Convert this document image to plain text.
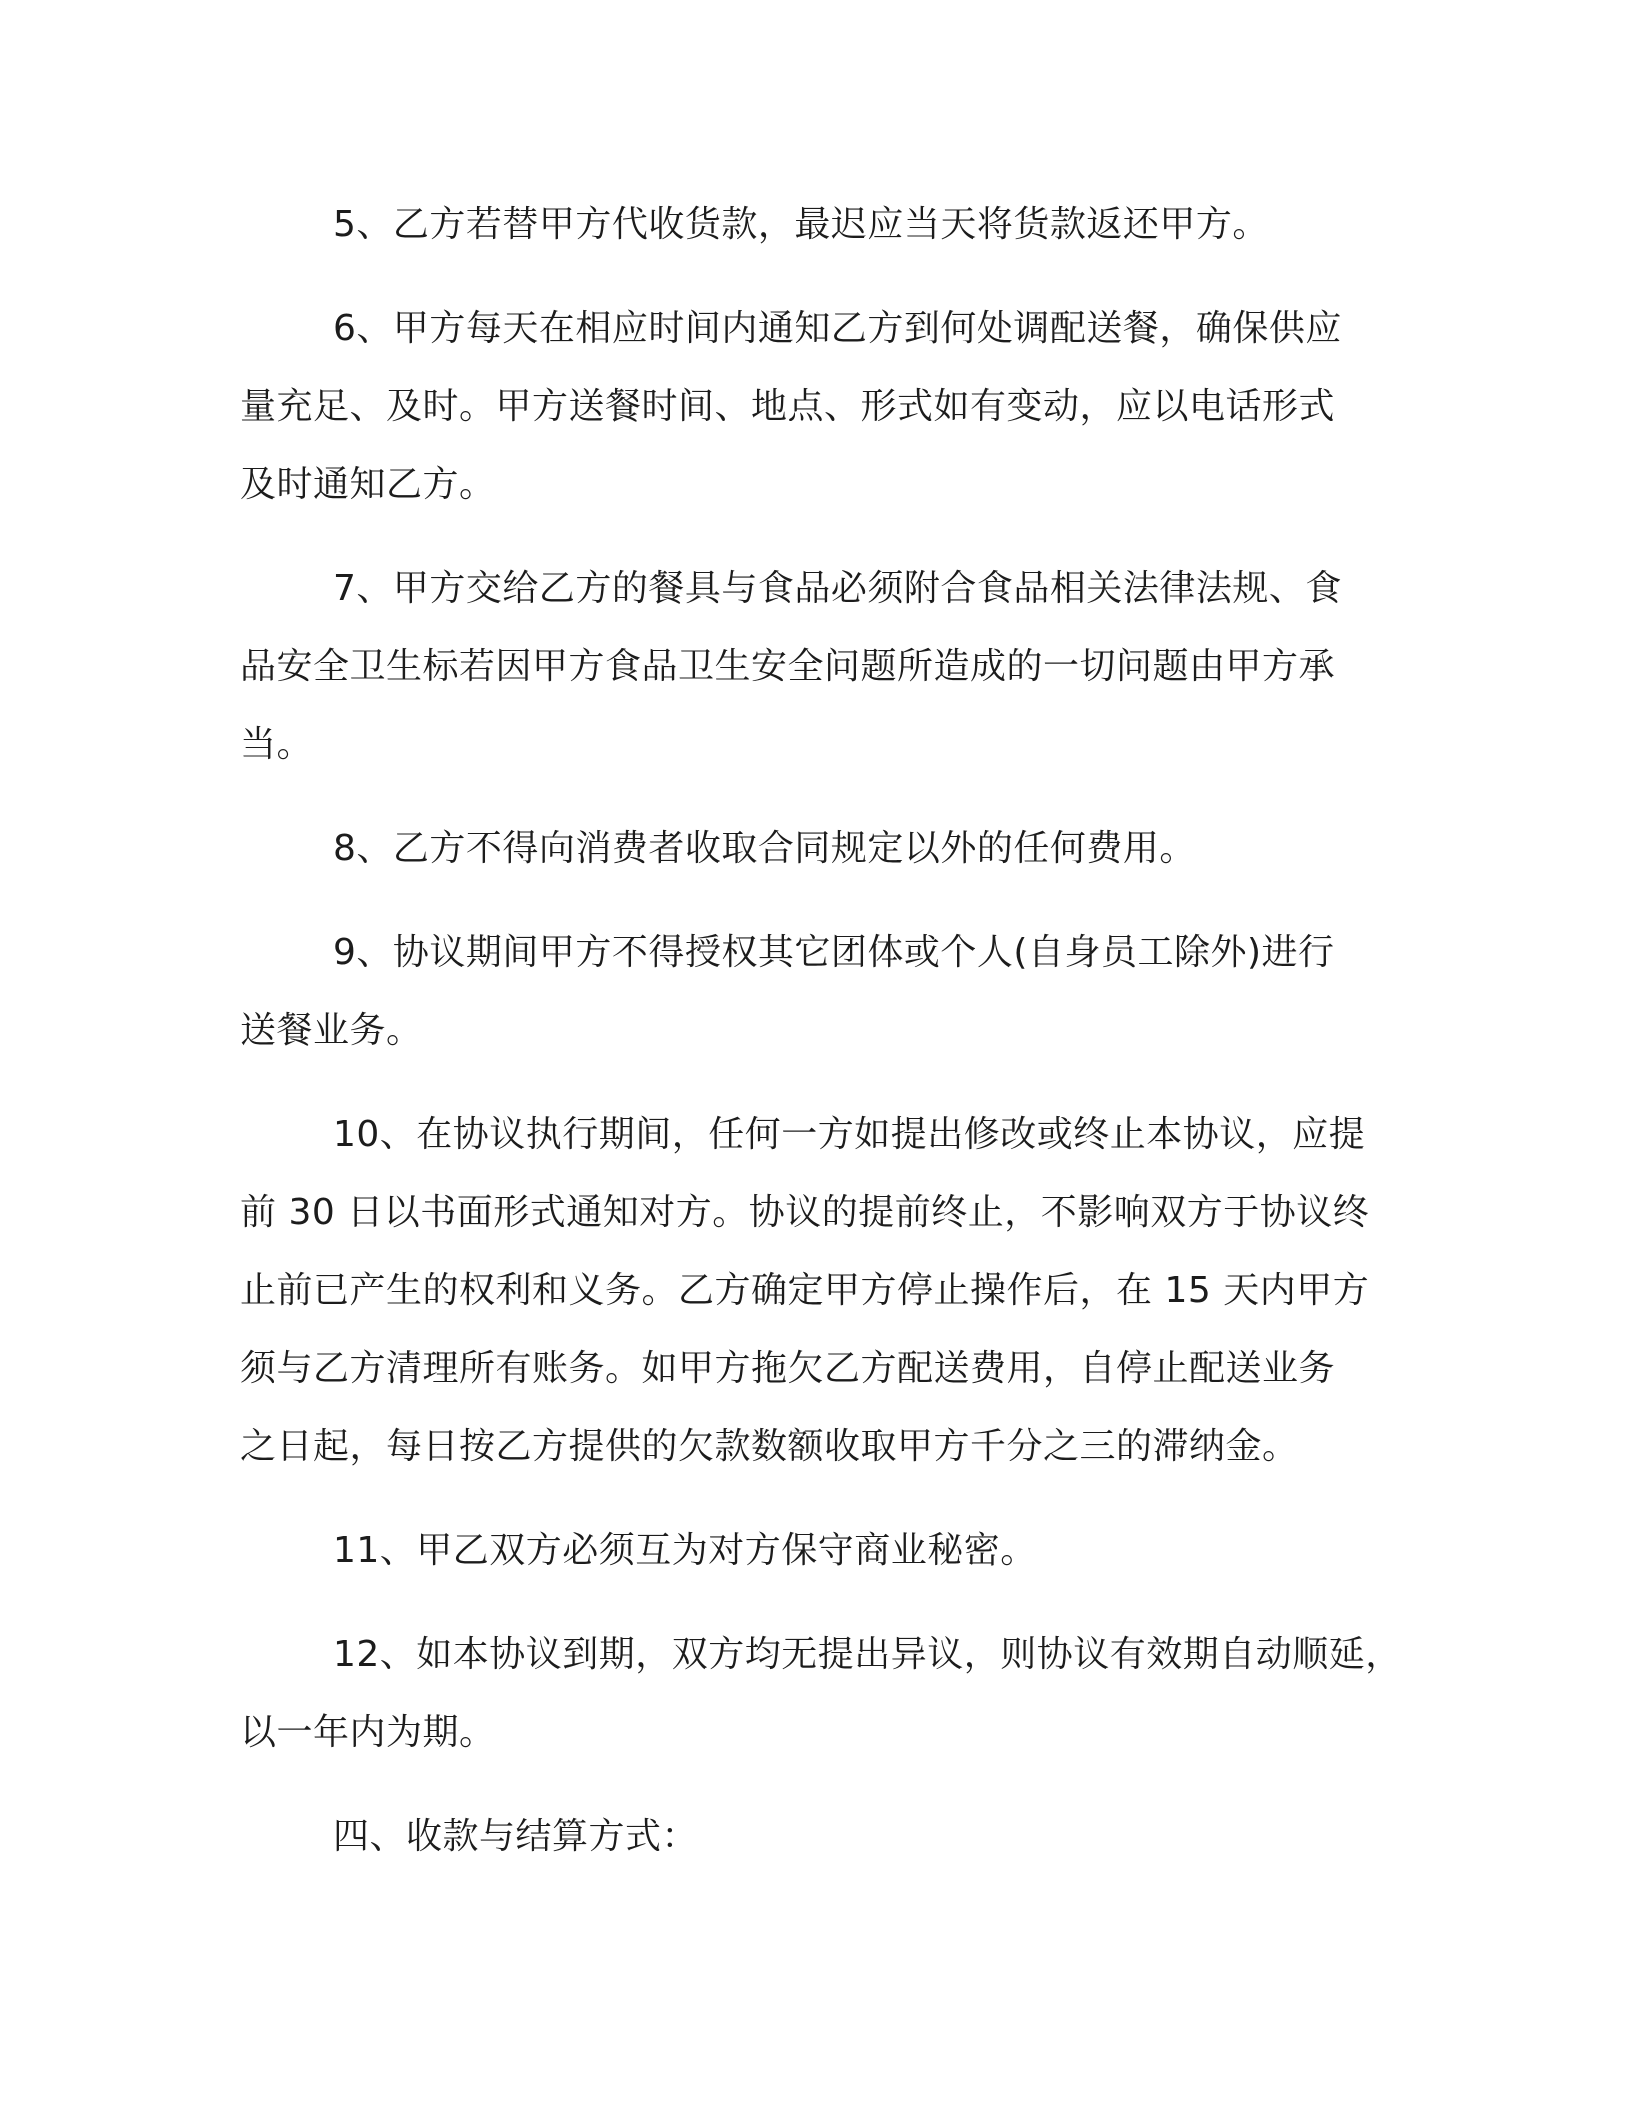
5、乙方若替甲方代收货款，最迟应当天将货款返还甲方。
6、甲方每天在相应时间内通知乙方到何处调配送餐，确保供应
量充足、及时。甲方送餐时间、地点、形式如有变动，应以电话形式
及时通知乙方。
7、甲方交给乙方的餐具与食品必须附合食品相关法律法规、食
品安全卫生标若因甲方食品卫生安全问题所造成的一切问题由甲方承
当。
8、乙方不得向消费者收取合同规定以外的任何费用。
9、协议期间甲方不得授权其它团体或个人(自身员工除外)进行
送餐业务。
10、在协议执行期间，任何一方如提出修改或终止本协议，应提
前 30 日以书面形式通知对方。协议的提前终止，不影响双方于协议终
止前已产生的权利和义务。乙方确定甲方停止操作后，在 15 天内甲方
须与乙方清理所有账务。如甲方拖欠乙方配送费用，自停止配送业务
之日起，每日按乙方提供的欠款数额收取甲方千分之三的滞纳金。
11、甲乙双方必须互为对方保守商业秘密。
12、如本协议到期，双方均无提出异议，则协议有效期自动顺延，
以一年内为期。
四、收款与结算方式：
